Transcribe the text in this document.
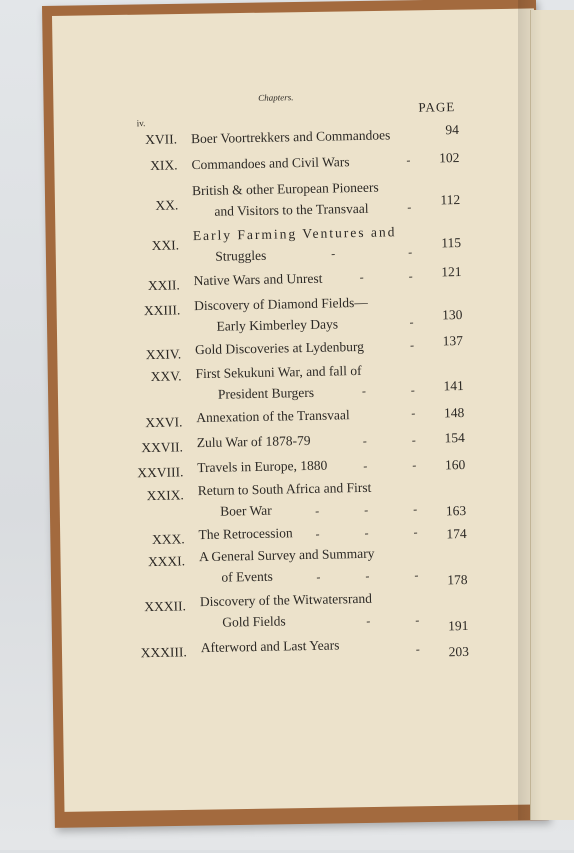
Chapters.
iv.
PAGE
XVII. Boer Voortrekkers and Commandoes	94
XIX. Commandoes and Civil Wars	-	102
XX.
British & other European Pioneers
and Visitors to the Transvaal	-	112
XXI.
Early Farming Ventures and
Struggles	-	-
115
XXII. Native Wars and Unrest	-	-	121
XXIII. Discovery of Diamond Fields—
Early Kimberley Days	-	130
XXIV. Gold Discoveries at Lydenburg	-	137
XXV. First Sekukuni War, and fall of
President Burgers	-	-	141
XXVI. Annexation of the Transvaal	-	148
XXVII. Zulu War of 1878-79	-	-	154
XXVIII. Travels in Europe, 1880	-	-	160
XXIX. Return to South Africa and First
Boer War	-	-	-	163
XXX. The Retrocession	-	-	-	174
XXXI. A General Survey and Summary
of Events	-	-	-	178
XXXII. Discovery of the Witwatersrand
Gold Fields	-	-	191
XXXIII. Afterword and Last Years	-	203
